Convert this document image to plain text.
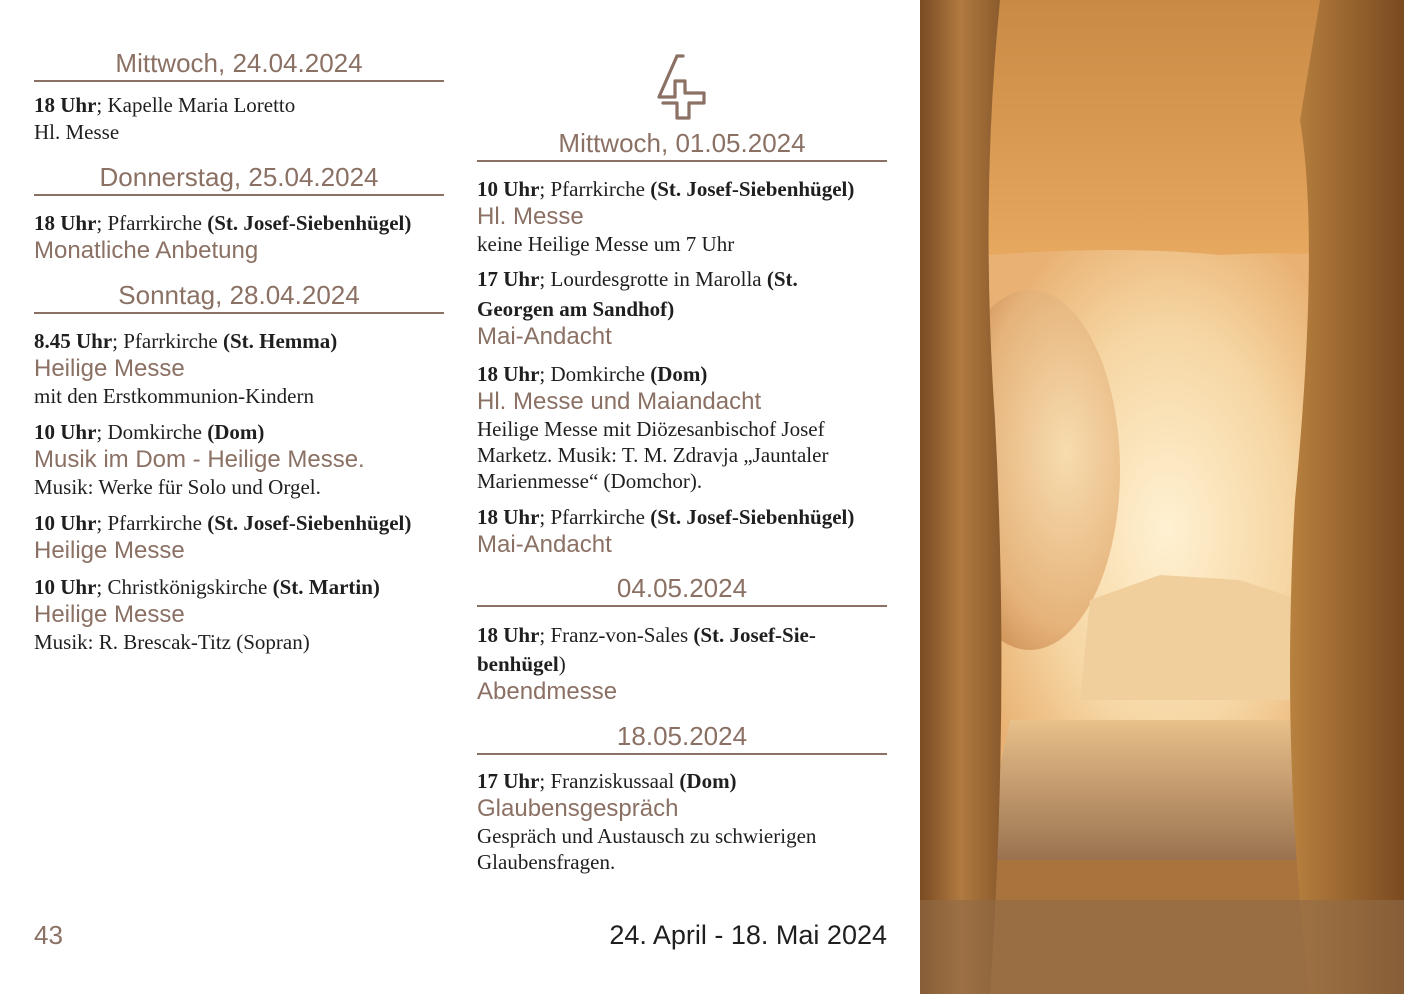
Mittwoch, 24.04.2024
18 Uhr; Kapelle Maria Loretto
Hl. Messe
Donnerstag, 25.04.2024
18 Uhr; Pfarrkirche (St. Josef-Siebenhügel)
Monatliche Anbetung
Sonntag, 28.04.2024
8.45 Uhr; Pfarrkirche (St. Hemma)
Heilige Messe
mit den Erstkommunion-Kindern
10 Uhr; Domkirche (Dom)
Musik im Dom - Heilige Messe.
Musik: Werke für Solo und Orgel.
10 Uhr; Pfarrkirche (St. Josef-Siebenhügel)
Heilige Messe
10 Uhr; Christkönigskirche (St. Martin)
Heilige Messe
Musik: R. Brescak-Titz (Sopran)
Mittwoch, 01.05.2024
10 Uhr; Pfarrkirche (St. Josef-Siebenhügel)
Hl. Messe
keine Heilige Messe um 7 Uhr
17 Uhr; Lourdesgrotte in Marolla (St.
Georgen am Sandhof)
Mai-Andacht
18 Uhr; Domkirche (Dom)
Hl. Messe und Maiandacht
Heilige Messe mit Diözesanbischof Josef
Marketz. Musik: T. M. Zdravja „Jauntaler
Marienmesse“ (Domchor).
18 Uhr; Pfarrkirche (St. Josef-Siebenhügel)
Mai-Andacht
04.05.2024
18 Uhr; Franz-von-Sales (St. Josef-Sie-
benhügel)
Abendmesse
18.05.2024
17 Uhr; Franziskussaal (Dom)
Glaubensgespräch
Gespräch und Austausch zu schwierigen
Glaubensfragen.
43	24. April - 18. Mai 2024
